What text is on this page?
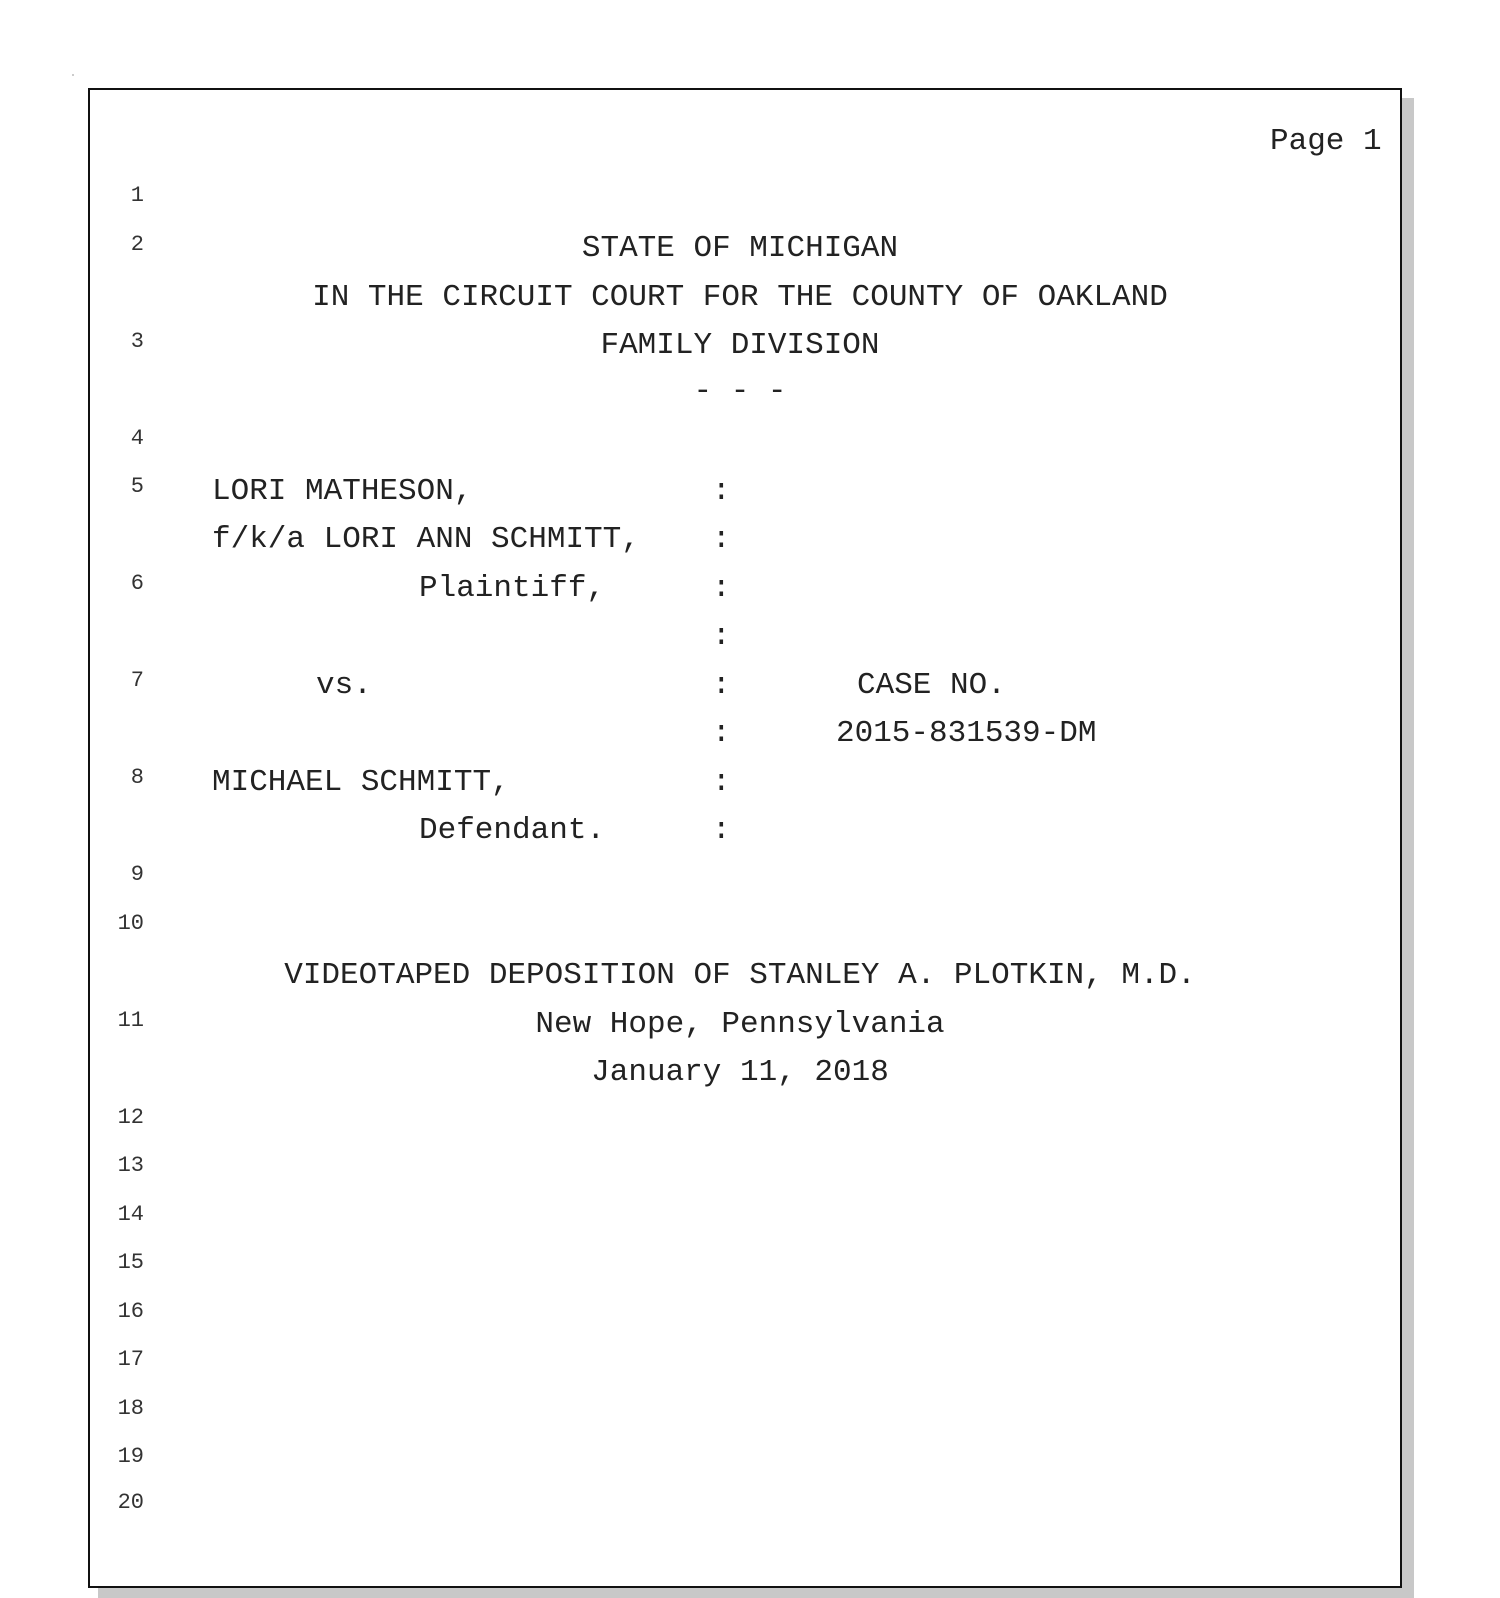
Page 1
1
2
3
4
5
6
7
8
9
10
11
12
13
14
15
16
17
18
19
20
STATE OF MICHIGAN
IN THE CIRCUIT COURT FOR THE COUNTY OF OAKLAND
FAMILY DIVISION
- - -
LORI MATHESON,
f/k/a LORI ANN SCHMITT,
Plaintiff,
vs.
MICHAEL SCHMITT,
Defendant.
:
:
:
:
:
:
:
:
CASE NO.
2015-831539-DM
VIDEOTAPED DEPOSITION OF STANLEY A. PLOTKIN, M.D.
New Hope, Pennsylvania
January 11, 2018
